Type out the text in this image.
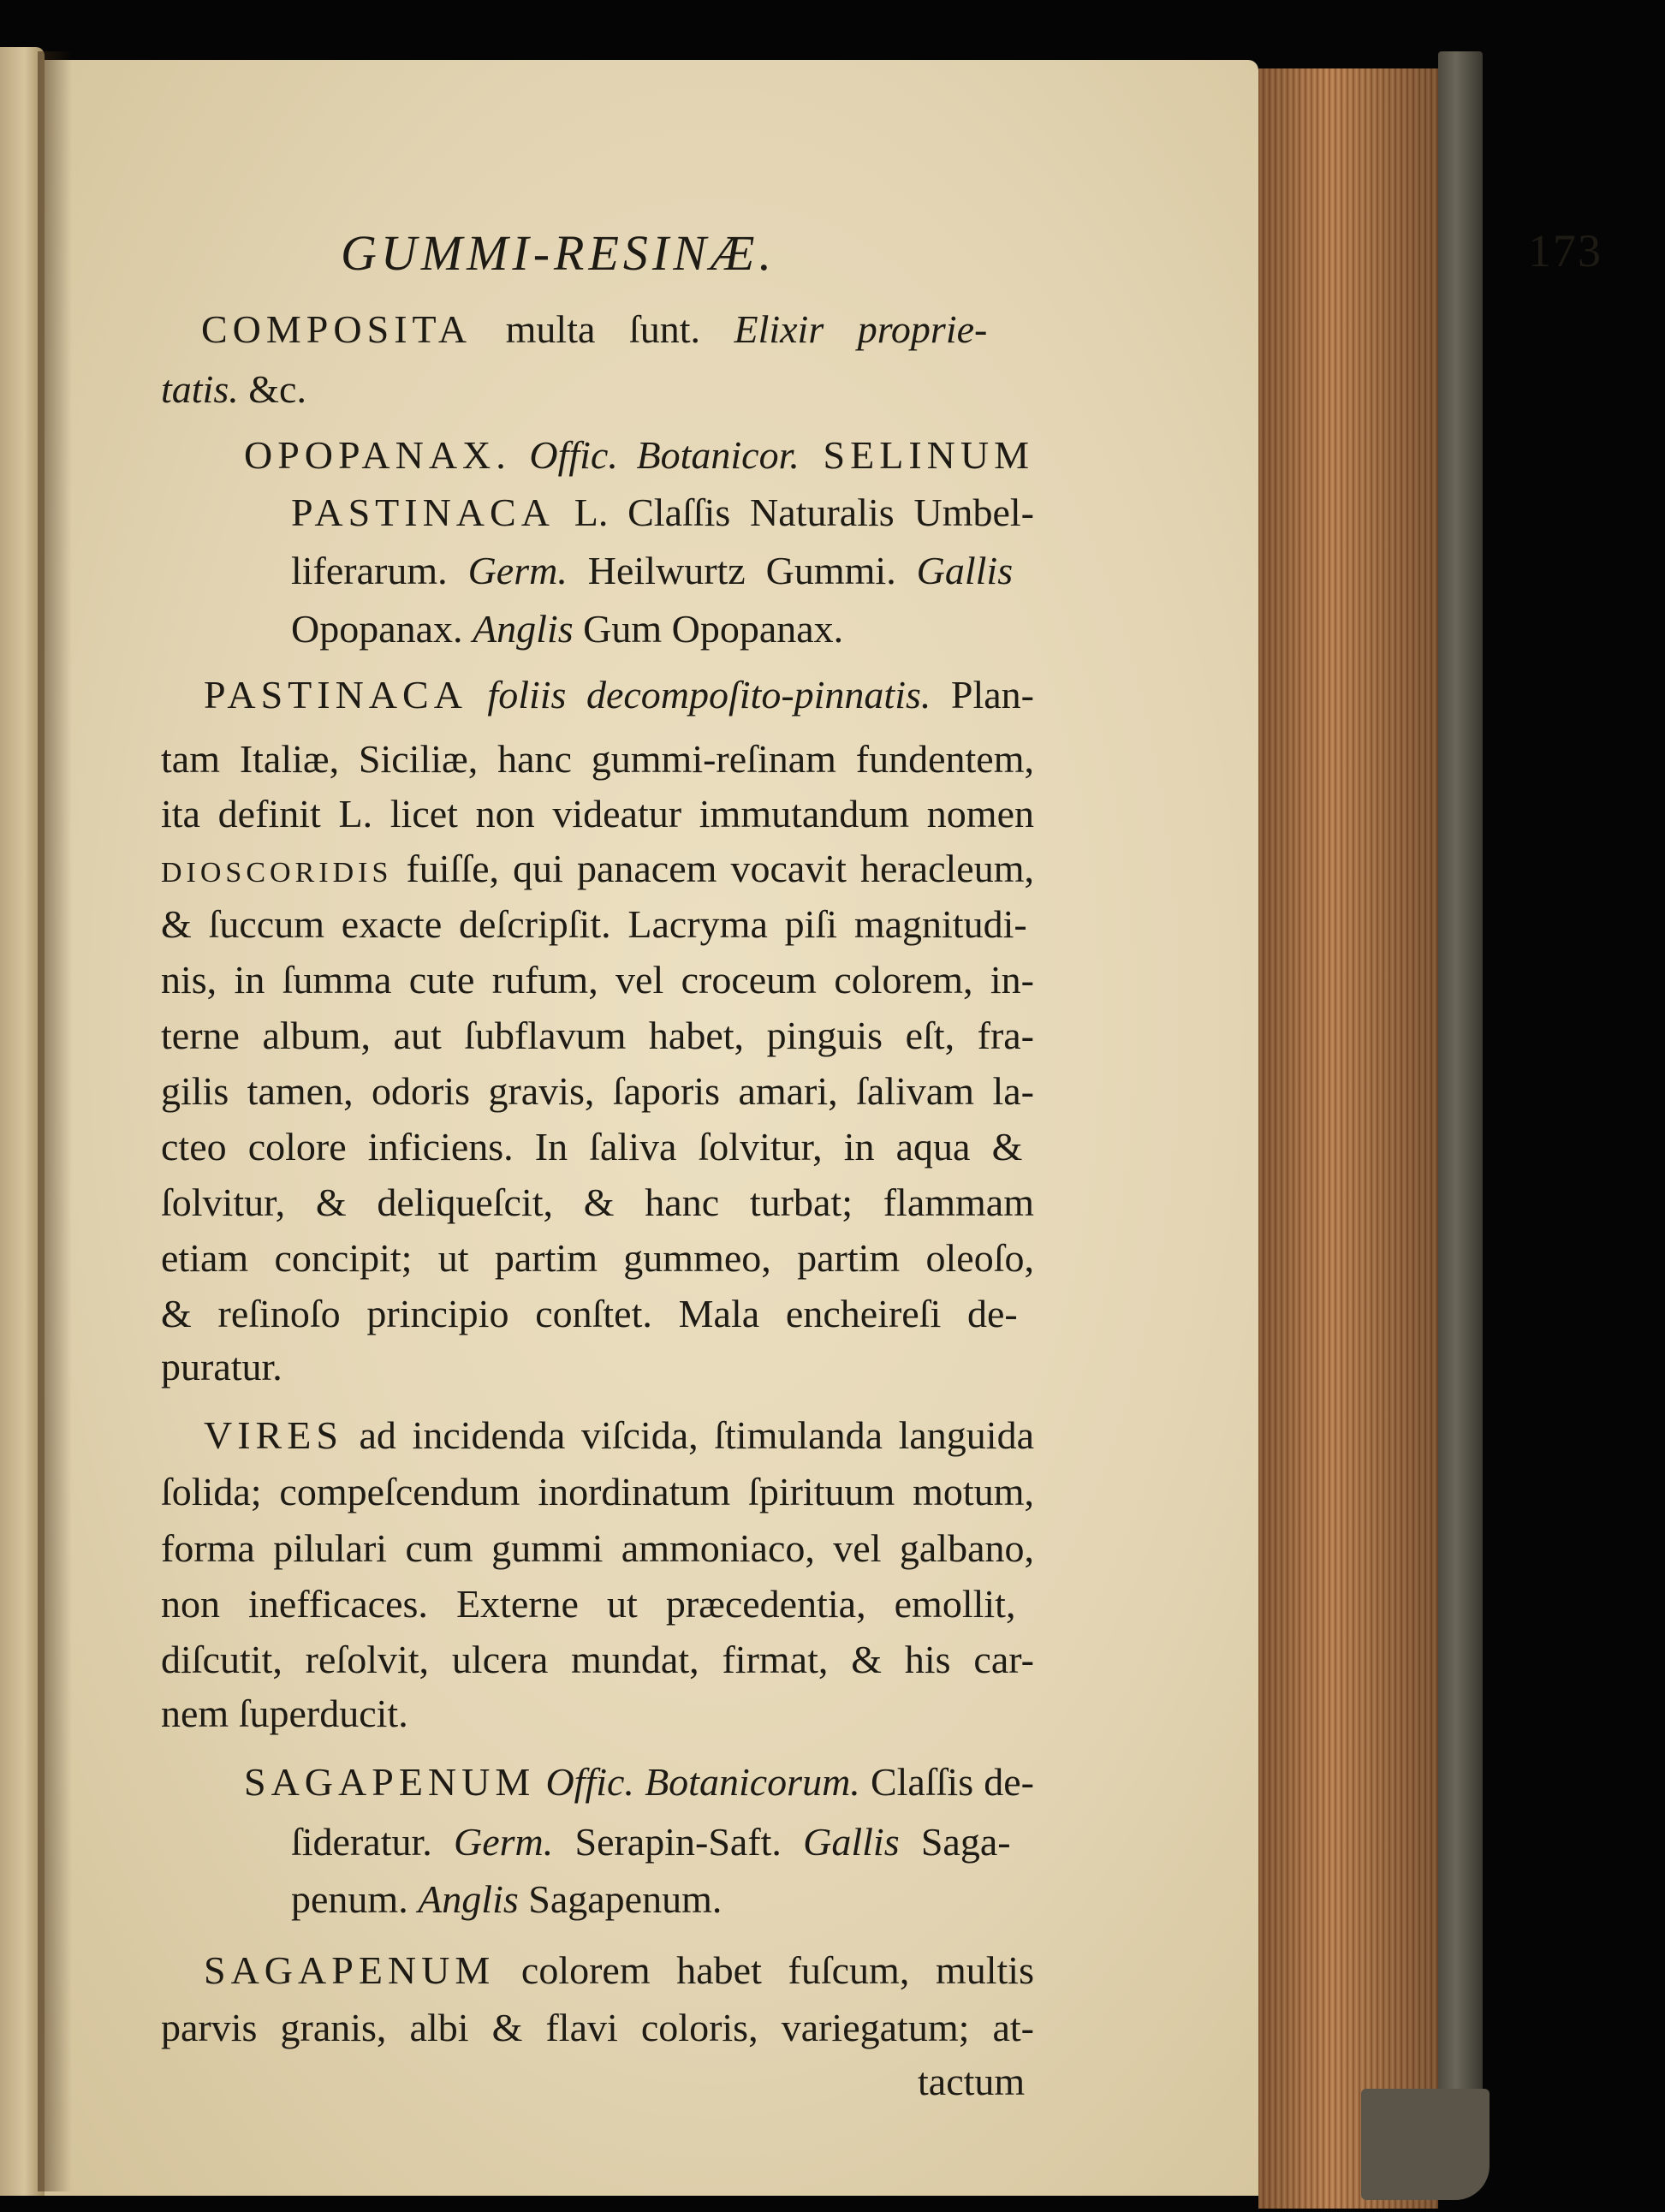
GUMMI-RESINÆ.	173
COMPOSITA multa ſunt. Elixir proprie-
tatis. &c.
OPOPANAX. Offic. Botanicor. SELINUM
PASTINACA L. Claſſis Naturalis Umbel-
liferarum. Germ. Heilwurtz Gummi. Gallis
Opopanax. Anglis Gum Opopanax.
PASTINACA foliis decompoſito-pinnatis. Plan-
tam Italiæ, Siciliæ, hanc gummi-reſinam fundentem,
ita definit L. licet non videatur immutandum nomen
DIOSCORIDIS fuiſſe, qui panacem vocavit heracleum,
& ſuccum exacte deſcripſit. Lacryma piſi magnitudi-
nis, in ſumma cute rufum, vel croceum colorem, in-
terne album, aut ſubflavum habet, pinguis eſt, fra-
gilis tamen, odoris gravis, ſaporis amari, ſalivam la-
cteo colore inficiens. In ſaliva ſolvitur, in aqua &
ſolvitur, & deliqueſcit, & hanc turbat; flammam
etiam concipit; ut partim gummeo, partim oleoſo,
& reſinoſo principio conſtet. Mala encheireſi de-
puratur.
VIRES ad incidenda viſcida, ſtimulanda languida
ſolida; compeſcendum inordinatum ſpirituum motum,
forma pilulari cum gummi ammoniaco, vel galbano,
non inefficaces. Externe ut præcedentia, emollit,
diſcutit, reſolvit, ulcera mundat, firmat, & his car-
nem ſuperducit.
SAGAPENUM Offic. Botanicorum. Claſſis de-
ſideratur. Germ. Serapin-Saft. Gallis Saga-
penum. Anglis Sagapenum.
SAGAPENUM colorem habet fuſcum, multis
parvis granis, albi & flavi coloris, variegatum; at-
tactum
